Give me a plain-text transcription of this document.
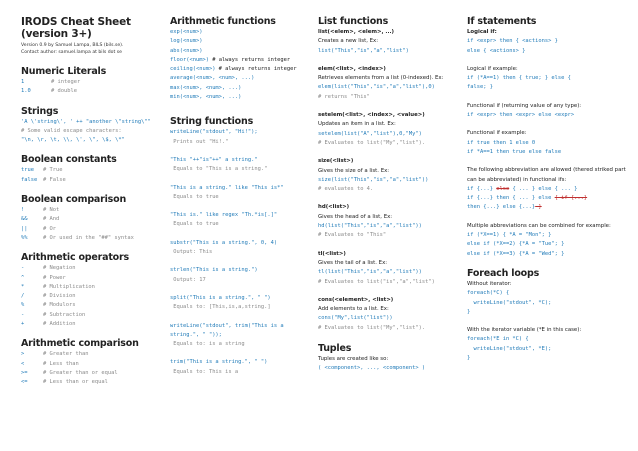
IRODS Cheat Sheet (version 3+)
Version 0.9 by Samuel Lampa, BILS (bils.se).
Contact author: samuel.lampa at bils dot se
Numeric Literals
1	# integer
1.0	# double
Strings
'A \'string\', ' ++ "another \"string\""
# Some valid escape characters:
"\n, \r, \t, \\, \', \", \$, \*"
Boolean constants
true # True
false # False
Boolean comparison
!	# Not
&&	# And
||	# Or
%%	# Or used in the "##" syntax
Arithmetic operators
-	# Negation
^	# Power
*	# Multiplication
/	# Division
%	# Modulors
-	# Subtraction
+	# Addition
Arithmetic comparison
>	# Greater than
<	# Less than
>=	# Greater than or equal
<=	# Less than or equal
Arithmetic functions
exp(<num>)
log(<num>)
abs(<num>)
floor(<num>) # always returns integer
ceiling(<num>) # always returns integer
average(<num>, <num>, ...)
max(<num>, <num>, ...)
min(<num>, <num>, ...)
String functions
writeLine("stdout", "Hi!");
Prints out "Hi!."
"This "++"is"++" a string."
Equals to "This is a string."
"This is a string." like "This is*"
Equals to true
"This is." like regex "Th.*is[.]"
Equals to true
substr("This is a string.", 0, 4)
Output: This
strlen("This is a string.")
Output: 17
split("This is a string.", " ")
Equals to: [This,is,a,string.]
writeLine("stdout", trim("This is a
string.", " "));
Equals to: is a string
trim("This is a string.", " ")
Equals to: This is a
List functions
list(<elem>, <elem>, ...)
Creates a new list, Ex:
list("This","is","a","list")
elem(<list>, <index>)
Retrieves elements from a list (0-indexed). Ex:
elem(list("This","is","a","list"),0)
# returns "This"
setelem(<list>, <index>, <value>)
Updates an item in a list. Ex:
setelem(list("A","list"),0,"My")
# Evaluates to list("My","list").
size(<list>)
Gives the size of a list. Ex:
size(list("This","is","a","list"))
# evaluates to 4.
hd(<list>)
Gives the head of a list, Ex:
hd(list("This","is","a","list"))
# Evaluates to "This"
tl(<list>)
Gives the tail of a list. Ex:
tl(list("This","is","a","list"))
# Evaluates to list("is","a","list")
cons(<element>, <list>)
Add elements to a list. Ex:
cons("My",list("list"))
# Evaluates to list("My","list").
Tuples
Tuples are created like so:
( <component>, ..., <component> )
If statements
Logical if:
if <expr> then { <actions> }
else { <actions> }
Logical if example:
if (*A==1) then { true; } else {
false; }
Functional if (returning value of any type):
if <expr> then <expr> else <expr>
Functional if example:
if true then 1 else 0
if *A==1 then true else false
The following abbreviation are allowed (thered striked part can be abbreviated) in functional ifs:
if {...} else { ... } else { ... }
if {...} then { ... } else { if {...}
then {...} else {...} }
Multiple abbreviations can be combined for example:
if (*X==1) { *A = "Mon"; }
else if (*X==2) {*A = "Tue"; }
else if (*X==3) {*A = "Wed"; }
Foreach loops
Without iterator:
foreach(*C) {
writeLine("stdout", *C);
}
With the iterator variable (*E in this case):
foreach(*E in *C) {
writeLine("stdout", *E);
}
